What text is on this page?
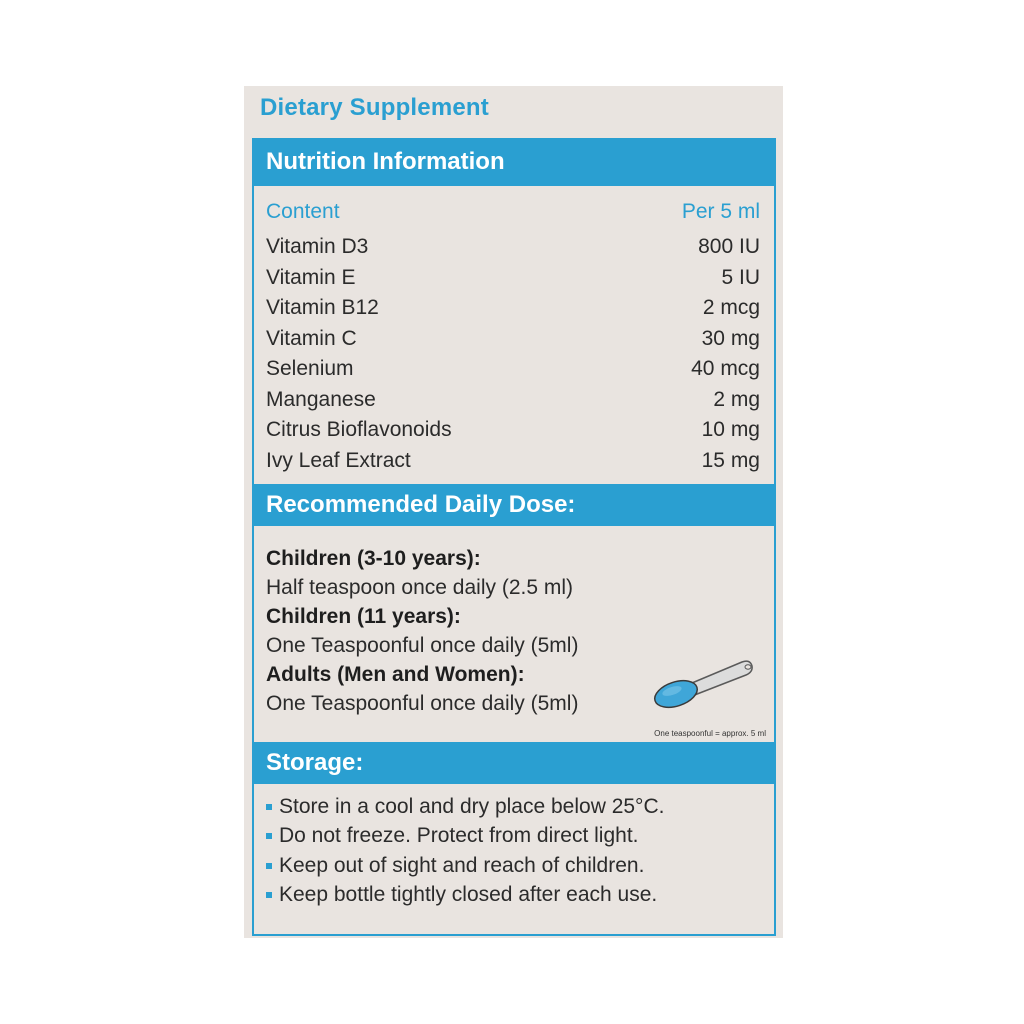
Dietary Supplement
Nutrition Information
Content	Per 5 ml
Vitamin D3	800 IU
Vitamin E	5 IU
Vitamin B12	2 mcg
Vitamin C	30 mg
Selenium	40 mcg
Manganese	2 mg
Citrus Bioflavonoids	10 mg
Ivy Leaf Extract	15 mg
Recommended Daily Dose:
Children (3-10 years):
Half teaspoon once daily (2.5 ml)
Children (11 years):
One Teaspoonful once daily (5ml)
Adults (Men and Women):
One Teaspoonful once daily (5ml)
One teaspoonful = approx. 5 ml
Storage:
Store in a cool and dry place below 25°C.
Do not freeze. Protect from direct light.
Keep out of sight and reach of children.
Keep bottle tightly closed after each use.
